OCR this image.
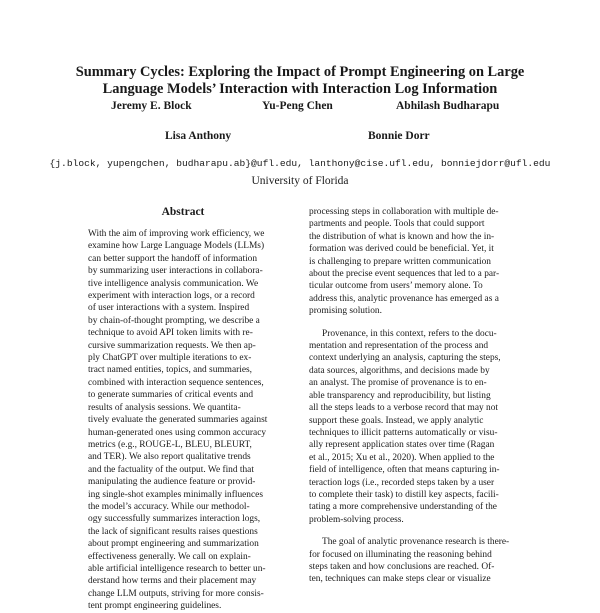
Summary Cycles: Exploring the Impact of Prompt Engineering on Large
Language Models’ Interaction with Interaction Log Information
Jeremy E. Block	Yu-Peng Chen	Abhilash Budharapu
Lisa Anthony	Bonnie Dorr
{j.block, yupengchen, budharapu.ab}@ufl.edu, lanthony@cise.ufl.edu, bonniejdorr@ufl.edu
University of Florida
Abstract
With the aim of improving work efficiency, we
examine how Large Language Models (LLMs)
can better support the handoff of information
by summarizing user interactions in collabora-
tive intelligence analysis communication. We
experiment with interaction logs, or a record
of user interactions with a system. Inspired
by chain-of-thought prompting, we describe a
technique to avoid API token limits with re-
cursive summarization requests. We then ap-
ply ChatGPT over multiple iterations to ex-
tract named entities, topics, and summaries,
combined with interaction sequence sentences,
to generate summaries of critical events and
results of analysis sessions. We quantita-
tively evaluate the generated summaries against
human-generated ones using common accuracy
metrics (e.g., ROUGE-L, BLEU, BLEURT,
and TER). We also report qualitative trends
and the factuality of the output. We find that
manipulating the audience feature or provid-
ing single-shot examples minimally influences
the model’s accuracy. While our methodol-
ogy successfully summarizes interaction logs,
the lack of significant results raises questions
about prompt engineering and summarization
effectiveness generally. We call on explain-
able artificial intelligence research to better un-
derstand how terms and their placement may
change LLM outputs, striving for more consis-
tent prompt engineering guidelines.
processing steps in collaboration with multiple de-
partments and people. Tools that could support
the distribution of what is known and how the in-
formation was derived could be beneficial. Yet, it
is challenging to prepare written communication
about the precise event sequences that led to a par-
ticular outcome from users’ memory alone. To
address this, analytic provenance has emerged as a
promising solution.
Provenance, in this context, refers to the docu-
mentation and representation of the process and
context underlying an analysis, capturing the steps,
data sources, algorithms, and decisions made by
an analyst. The promise of provenance is to en-
able transparency and reproducibility, but listing
all the steps leads to a verbose record that may not
support these goals. Instead, we apply analytic
techniques to illicit patterns automatically or visu-
ally represent application states over time (Ragan
et al., 2015; Xu et al., 2020). When applied to the
field of intelligence, often that means capturing in-
teraction logs (i.e., recorded steps taken by a user
to complete their task) to distill key aspects, facili-
tating a more comprehensive understanding of the
problem-solving process.
The goal of analytic provenance research is there-
for focused on illuminating the reasoning behind
steps taken and how conclusions are reached. Of-
ten, techniques can make steps clear or visualize
